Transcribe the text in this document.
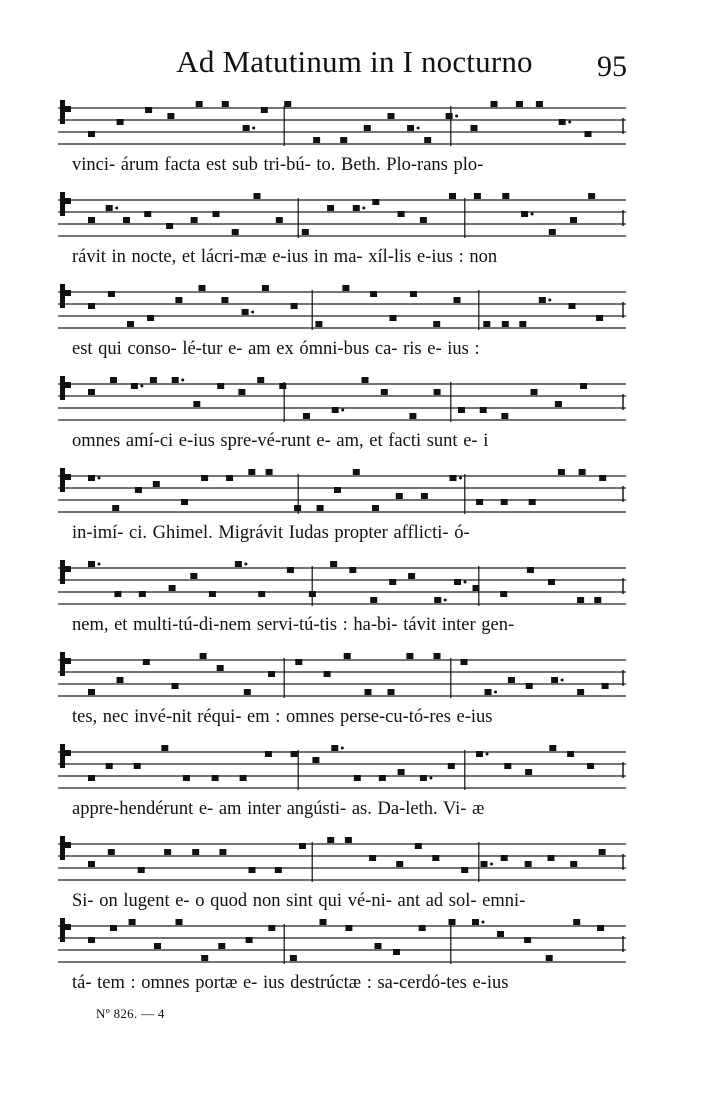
Ad Matutinum in I nocturno	95
vinci- árum facta est sub tri-bú- to. Beth. Plo-rans plo-
rávit in nocte, et lácri-mæ e-ius in ma- xíl-lis e-ius : non
est qui conso- lé-tur e- am ex ómni-bus ca- ris e- ius :
omnes amí-ci e-ius spre-vé-runt e- am, et facti sunt e- i
in-imí- ci. Ghimel. Migrávit Iudas propter afflicti- ó-
nem, et multi-tú-di-nem servi-tú-tis : ha-bi- távit inter gen-
tes, nec invé-nit réqui- em : omnes perse-cu-tó-res e-ius
appre-hendérunt e- am inter angústi- as. Da-leth. Vi- æ
Si- on lugent e- o quod non sint qui vé-ni- ant ad sol- emni-
tá- tem : omnes portæ e- ius destrúctæ : sa-cerdó-tes e-ius
Nº 826. — 4
